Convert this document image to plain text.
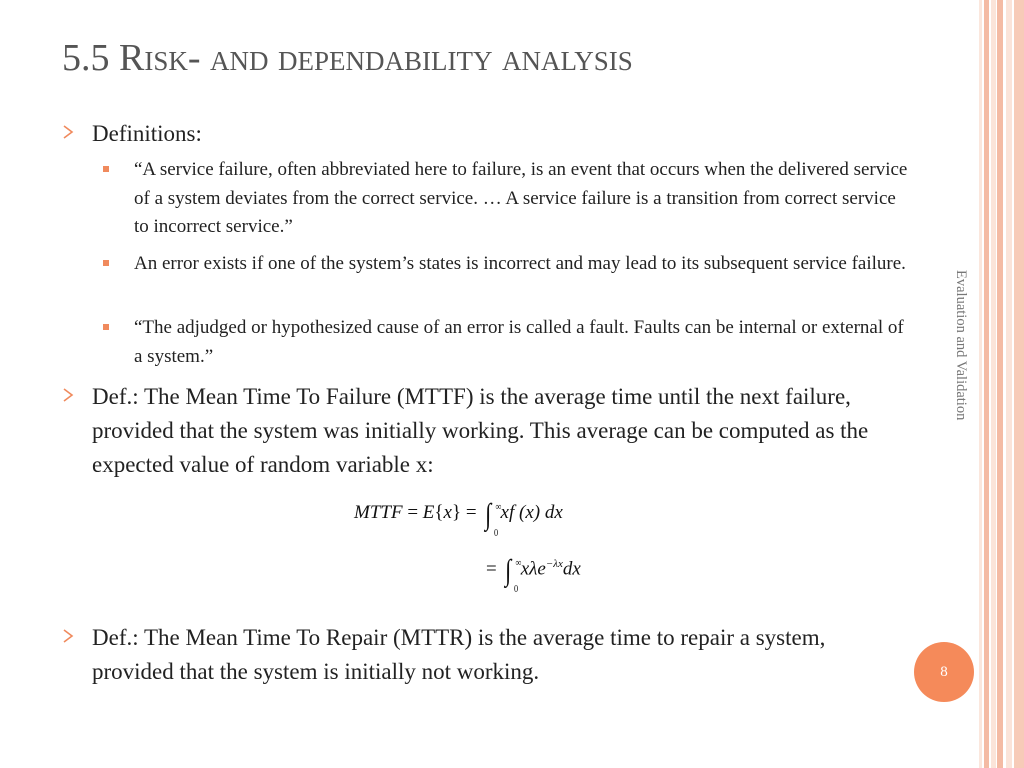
5.5 Risk- and dependability analysis
Definitions:
“A service failure, often abbreviated here to failure, is an event that occurs when the delivered service of a system deviates from the correct service. … A service failure is a transition from correct service to incorrect service.”
An error exists if one of the system’s states is incorrect and may lead to its subsequent service failure.
“The adjudged or hypothesized cause of an error is called a fault. Faults can be internal or external of a system.”
Def.: The Mean Time To Failure (MTTF) is the average time until the next failure, provided that the system was initially working. This average can be computed as the expected value of random variable x:
MTTF = E{x} = ∫ ∞
0
xf (x) dx
= ∫ ∞
0
xλe$^{-\lambda x}$dx
Def.: The Mean Time To Repair (MTTR) is the average time to repair a system, provided that the system is initially not working.
Evaluation and Validation
8
